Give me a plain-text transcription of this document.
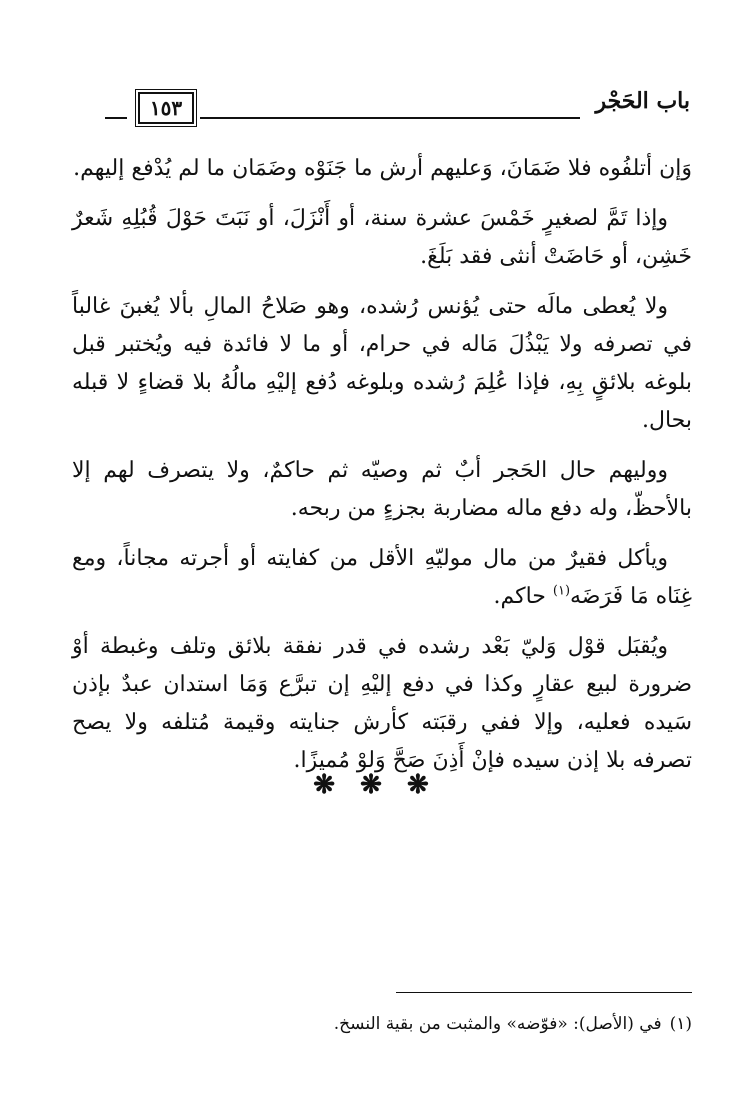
باب الحَجْر
١٥٣

وَإن أتلفُوه فلا ضَمَانَ، وَعليهم أرش ما جَنَوْه وضَمَان ما لم يُدْفع إليهم.

وإذا تَمَّ لصغيرٍ خَمْسَ عشرة سنة، أو أَنْزَلَ، أو نَبَتَ حَوْلَ قُبُلِهِ شَعرٌ خَشِن، أو حَاضَتْ أنثى فقد بَلَغَ.

ولا يُعطى مالَه حتى يُؤنس رُشده، وهو صَلاحُ المالِ بألا يُغبنَ غالباً في تصرفه ولا يَبْذُلَ مَاله في حرام، أو ما لا فائدة فيه ويُختبر قبل بلوغه بلائقٍ بِهِ، فإذا عُلِمَ رُشده وبلوغه دُفع إليْهِ مالُهُ بلا قضاءٍ لا قبله بحال.

ووليهم حال الحَجر أبٌ ثم وصيّه ثم حاكمٌ، ولا يتصرف لهم إلا بالأحظّ، وله دفع ماله مضاربة بجزءٍ من ربحه.

ويأكل فقيرٌ من مال موليّهِ الأقل من كفايته أو أجرته مجاناً، ومع غِنَاه مَا فَرَضَه$^{(١)}$ حاكم.

ويُقبَل قوْل وَليّ بَعْد رشده في قدر نفقة بلائق وتلف وغبطة أوْ ضرورة لبيع عقارٍ وكذا في دفع إليْهِ إن تبرَّع وَمَا استدان عبدٌ بإذن سَيده فعليه، وإلا ففي رقبَته كأرش جنايته وقيمة مُتلفه ولا يصح تصرفه بلا إذن سيده فإنْ أَذِنَ صَحَّ وَلوْ مُميزًا.

❋ ❋ ❋
(١)في (الأصل): «فوّضه» والمثبت من بقية النسخ.
